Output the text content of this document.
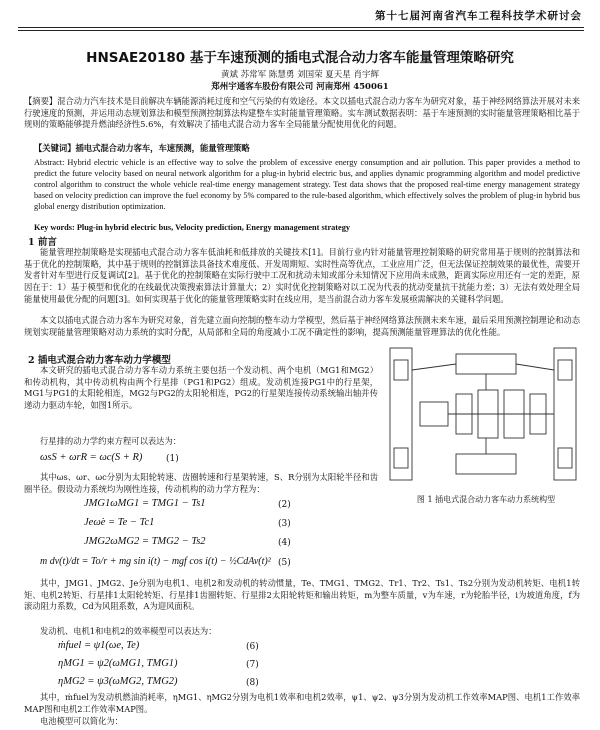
第十七届河南省汽车工程科技学术研讨会
HNSAE20180 基于车速预测的插电式混合动力客车能量管理策略研究
黄斌 苏常军 陈慧勇 刘国荣 夏天星 肖宇辉
郑州宇通客车股份有限公司 河南郑州 450061
【摘要】混合动力汽车技术是目前解决车辆能源消耗过度和空气污染的有效途径。本文以插电式混合动力客车为研究对象，基于神经网络算法开展对未来行驶速度的预测，并运用动态规划算法和模型预测控制算法构建整车实时能量管理策略。实车测试数据表明：基于车速预测的实时能量管理策略相比基于规则的策略能够提升燃油经济性5.6%，有效解决了插电式混合动力客车全局能量分配使用优化的问题。
【关键词】插电式混合动力客车，车速预测，能量管理策略
Abstract: Hybrid electric vehicle is an effective way to solve the problem of excessive energy consumption and air pollution. This paper provides a method to predict the future velocity based on neural network algorithm for a plug-in hybrid electric bus, and applies dynamic programming algorithm and model predictive control algorithm to construct the whole vehicle real-time energy management strategy. Test data shows that the proposed real-time energy management strategy based on velocity prediction can improve the fuel economy by 5% compared to the rule-based algorithm, which effectively solves the problem of plug-in hybrid bus global energy distribution optimization.
Key words: Plug-in hybrid electric bus, Velocity prediction, Energy management strategy
1 前言
能量管理控制策略是实现插电式混合动力客车低油耗和低排放的关键技术[1]。目前行业内针对能量管理控制策略的研究常用基于规则的控制算法和基于优化的控制策略，其中基于规则的控制算法具备技术难度低、开发周期短、实时性高等优点，工业应用广泛，但无法保证控制效果的最优性，需要开发者针对车型进行反复调试[2]。基于优化的控制策略在实际行驶中工况和扰动未知或部分未知情况下应用尚未成熟，距离实际应用还有一定的差距，原因在于：1）基于模型和优化的在线最优决策搜索算法计算量大；2）实时优化控制策略对以工况为代表的扰动变量抗干扰能力差；3）无法有效处理全局能量使用最优分配的问题[3]。如何实现基于优化的能量管理策略实时在线应用，是当前混合动力客车发展亟需解决的关键科学问题。
本文以插电式混合动力客车为研究对象，首先建立面向控制的整车动力学模型，然后基于神经网络算法预测未来车速，最后采用预测控制理论和动态规划实现能量管理策略对动力系统的实时分配，从局部和全局的角度减小工况不确定性的影响，提高预测能量管理算法的优化性能。
2 插电式混合动力客车动力学模型
本文研究的插电式混合动力客车动力系统主要包括一个发动机、两个电机（MG1和MG2）和传动机构，其中传动机构由两个行星排（PG1和PG2）组成。发动机连接PG1中的行星架，MG1与PG1的太阳轮相连，MG2与PG2的太阳轮相连，PG2的行星架连接传动系统输出轴并传递动力驱动车轮，如图1所示。
行星排的动力学约束方程可以表达为：
ωsS + ωrR = ωc(S + R)	(1)
其中ωs、ωr、ωc分别为太阳轮转速、齿圈转速和行星架转速，S、R分别为太阳轮半径和齿圈半径。假设动力系统均为刚性连接，传动机构的动力学方程为：
JMG1ω̇MG1 = TMG1 − Ts1	(2)
Jeω̇e = Te − Tc1	(3)
JMG2ω̇MG2 = TMG2 − Ts2	(4)
m dv(t)/dt = To/r + mg sin i(t) − mgf cos i(t) − ½CdAv(t)² (5)
其中，JMG1、JMG2、Je分别为电机1、电机2和发动机的转动惯量，Te、TMG1、TMG2、Tr1、Tr2、Ts1、Ts2分别为发动机转矩、电机1转矩、电机2转矩、行星排1太阳轮转矩、行星排1齿圈转矩、行星排2太阳轮转矩和输出转矩，m为整车质量，v为车速，r为轮胎半径，i为坡道角度，f为滚动阻力系数，Cd为风阻系数，A为迎风面积。
发动机、电机1和电机2的效率模型可以表达为：
ṁfuel = ψ1(ωe, Te)	(6)
ηMG1 = ψ2(ωMG1, TMG1)	(7)
ηMG2 = ψ3(ωMG2, TMG2)	(8)
其中，ṁfuel为发动机燃油消耗率，ηMG1、ηMG2分别为电机1效率和电机2效率，ψ1、ψ2、ψ3分别为发动机工作效率MAP图、电机1工作效率MAP图和电机2工作效率MAP图。
电池模型可以简化为：
图 1 插电式混合动力客车动力系统构型
